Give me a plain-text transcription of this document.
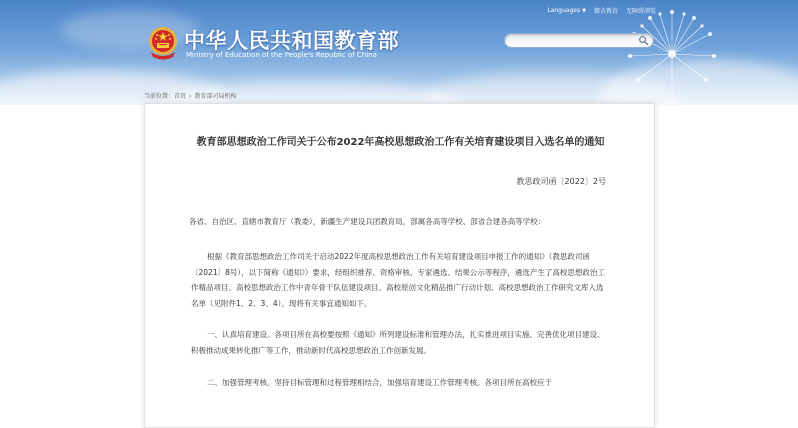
Languages ▼ 微言教育 无障碍浏览
中华人民共和国教育部
Ministry of Education of the People's Republic of China
当前位置：首页 › 教育部司局机构
教育部思想政治工作司关于公布2022年高校思想政治工作有关培育建设项目入选名单的通知
教思政司函〔2022〕2号

各省、自治区、直辖市教育厅（教委），新疆生产建设兵团教育局，部属各高等学校、部省合建各高等学校：

根据《教育部思想政治工作司关于启动2022年度高校思想政治工作有关培育建设项目申报工作的通知》（教思政司函〔2021〕8号），以下简称《通知》）要求，经组织推荐、资格审核、专家遴选、结果公示等程序，遴选产生了高校思想政治工作精品项目、高校思想政治工作中青年骨干队伍建设项目、高校原创文化精品推广行动计划、高校思想政治工作研究文库入选名单（见附件1、2、3、4）。现将有关事宜通知如下。

一、认真培育建设。各项目所在高校要按照《通知》所列建设标准和管理办法，扎实推进项目实施、完善优化项目建设、积极推动成果转化推广等工作，推动新时代高校思想政治工作创新发展。

二、加强管理考核。坚持目标管理和过程管理相结合，加强培育建设工作管理考核。各项目所在高校应于
